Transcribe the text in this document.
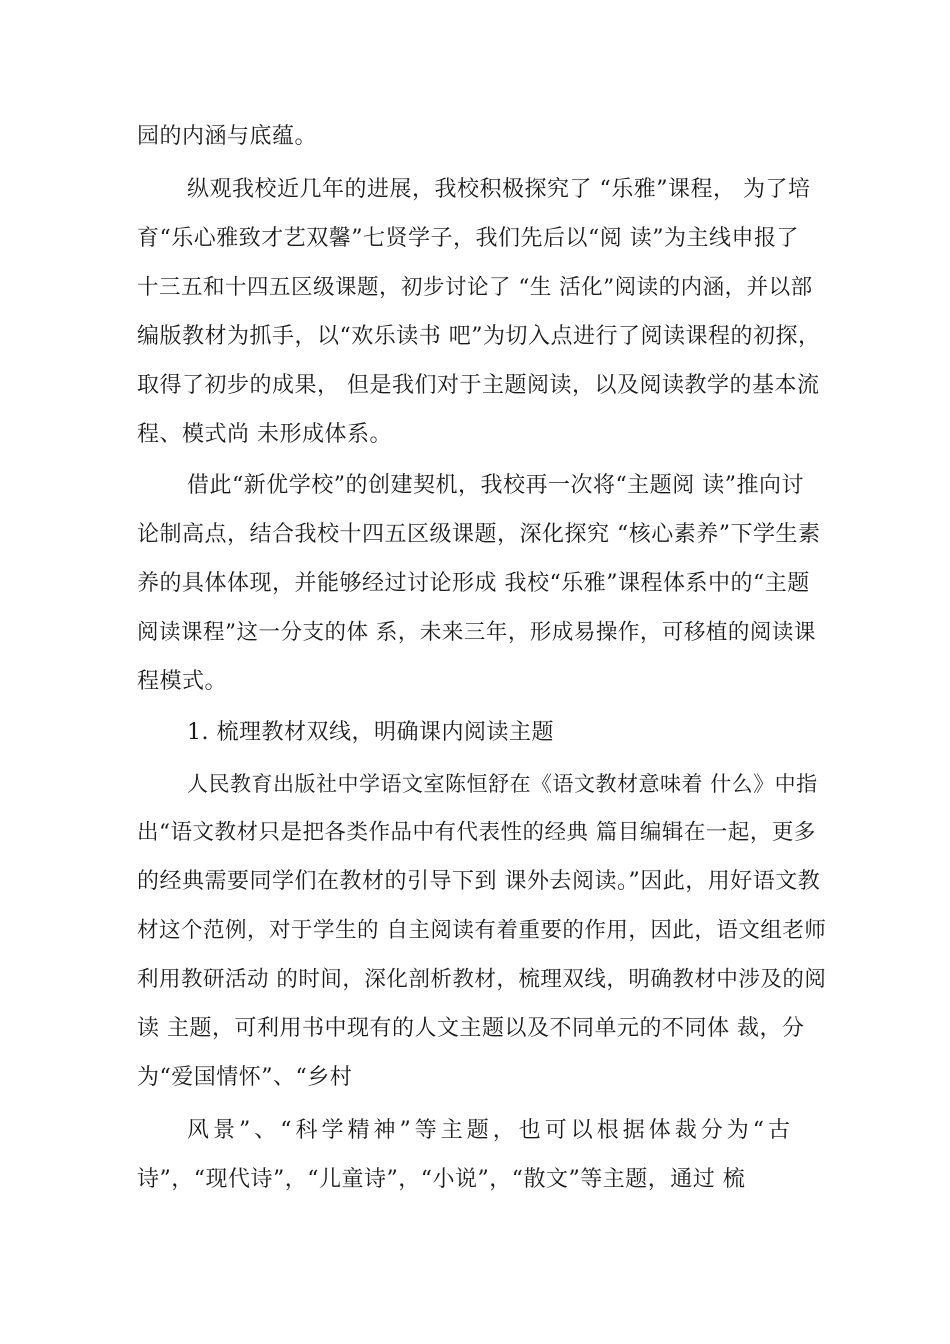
园的内涵与底蕴。
纵观我校近几年的进展，我校积极探究了 “乐雅”课程， 为了培
育“乐心雅致才艺双馨”七贤学子，我们先后以“阅 读”为主线申报了
十三五和十四五区级课题，初步讨论了 “生 活化”阅读的内涵，并以部
编版教材为抓手，以“欢乐读书 吧”为切入点进行了阅读课程的初探，
取得了初步的成果， 但是我们对于主题阅读，以及阅读教学的基本流
程、模式尚 未形成体系。
借此“新优学校”的创建契机，我校再一次将“主题阅 读”推向讨
论制高点，结合我校十四五区级课题，深化探究 “核心素养”下学生素
养的具体体现，并能够经过讨论形成 我校“乐雅”课程体系中的“主题
阅读课程”这一分支的体 系，未来三年，形成易操作，可移植的阅读课
程模式。
1. 梳理教材双线，明确课内阅读主题
人民教育出版社中学语文室陈恒舒在《语文教材意味着 什么》中指
出“语文教材只是把各类作品中有代表性的经典 篇目编辑在一起，更多
的经典需要同学们在教材的引导下到 课外去阅读。”因此，用好语文教
材这个范例，对于学生的 自主阅读有着重要的作用，因此，语文组老师
利用教研活动 的时间，深化剖析教材，梳理双线，明确教材中涉及的阅
读 主题，可利用书中现有的人文主题以及不同单元的不同体 裁，分
为“爱国情怀”、“乡村
风景”、“科学精神”等主题，也可以根据体裁分为“古
诗”，“现代诗”，“儿童诗”，“小说”，“散文”等主题，通过 梳
